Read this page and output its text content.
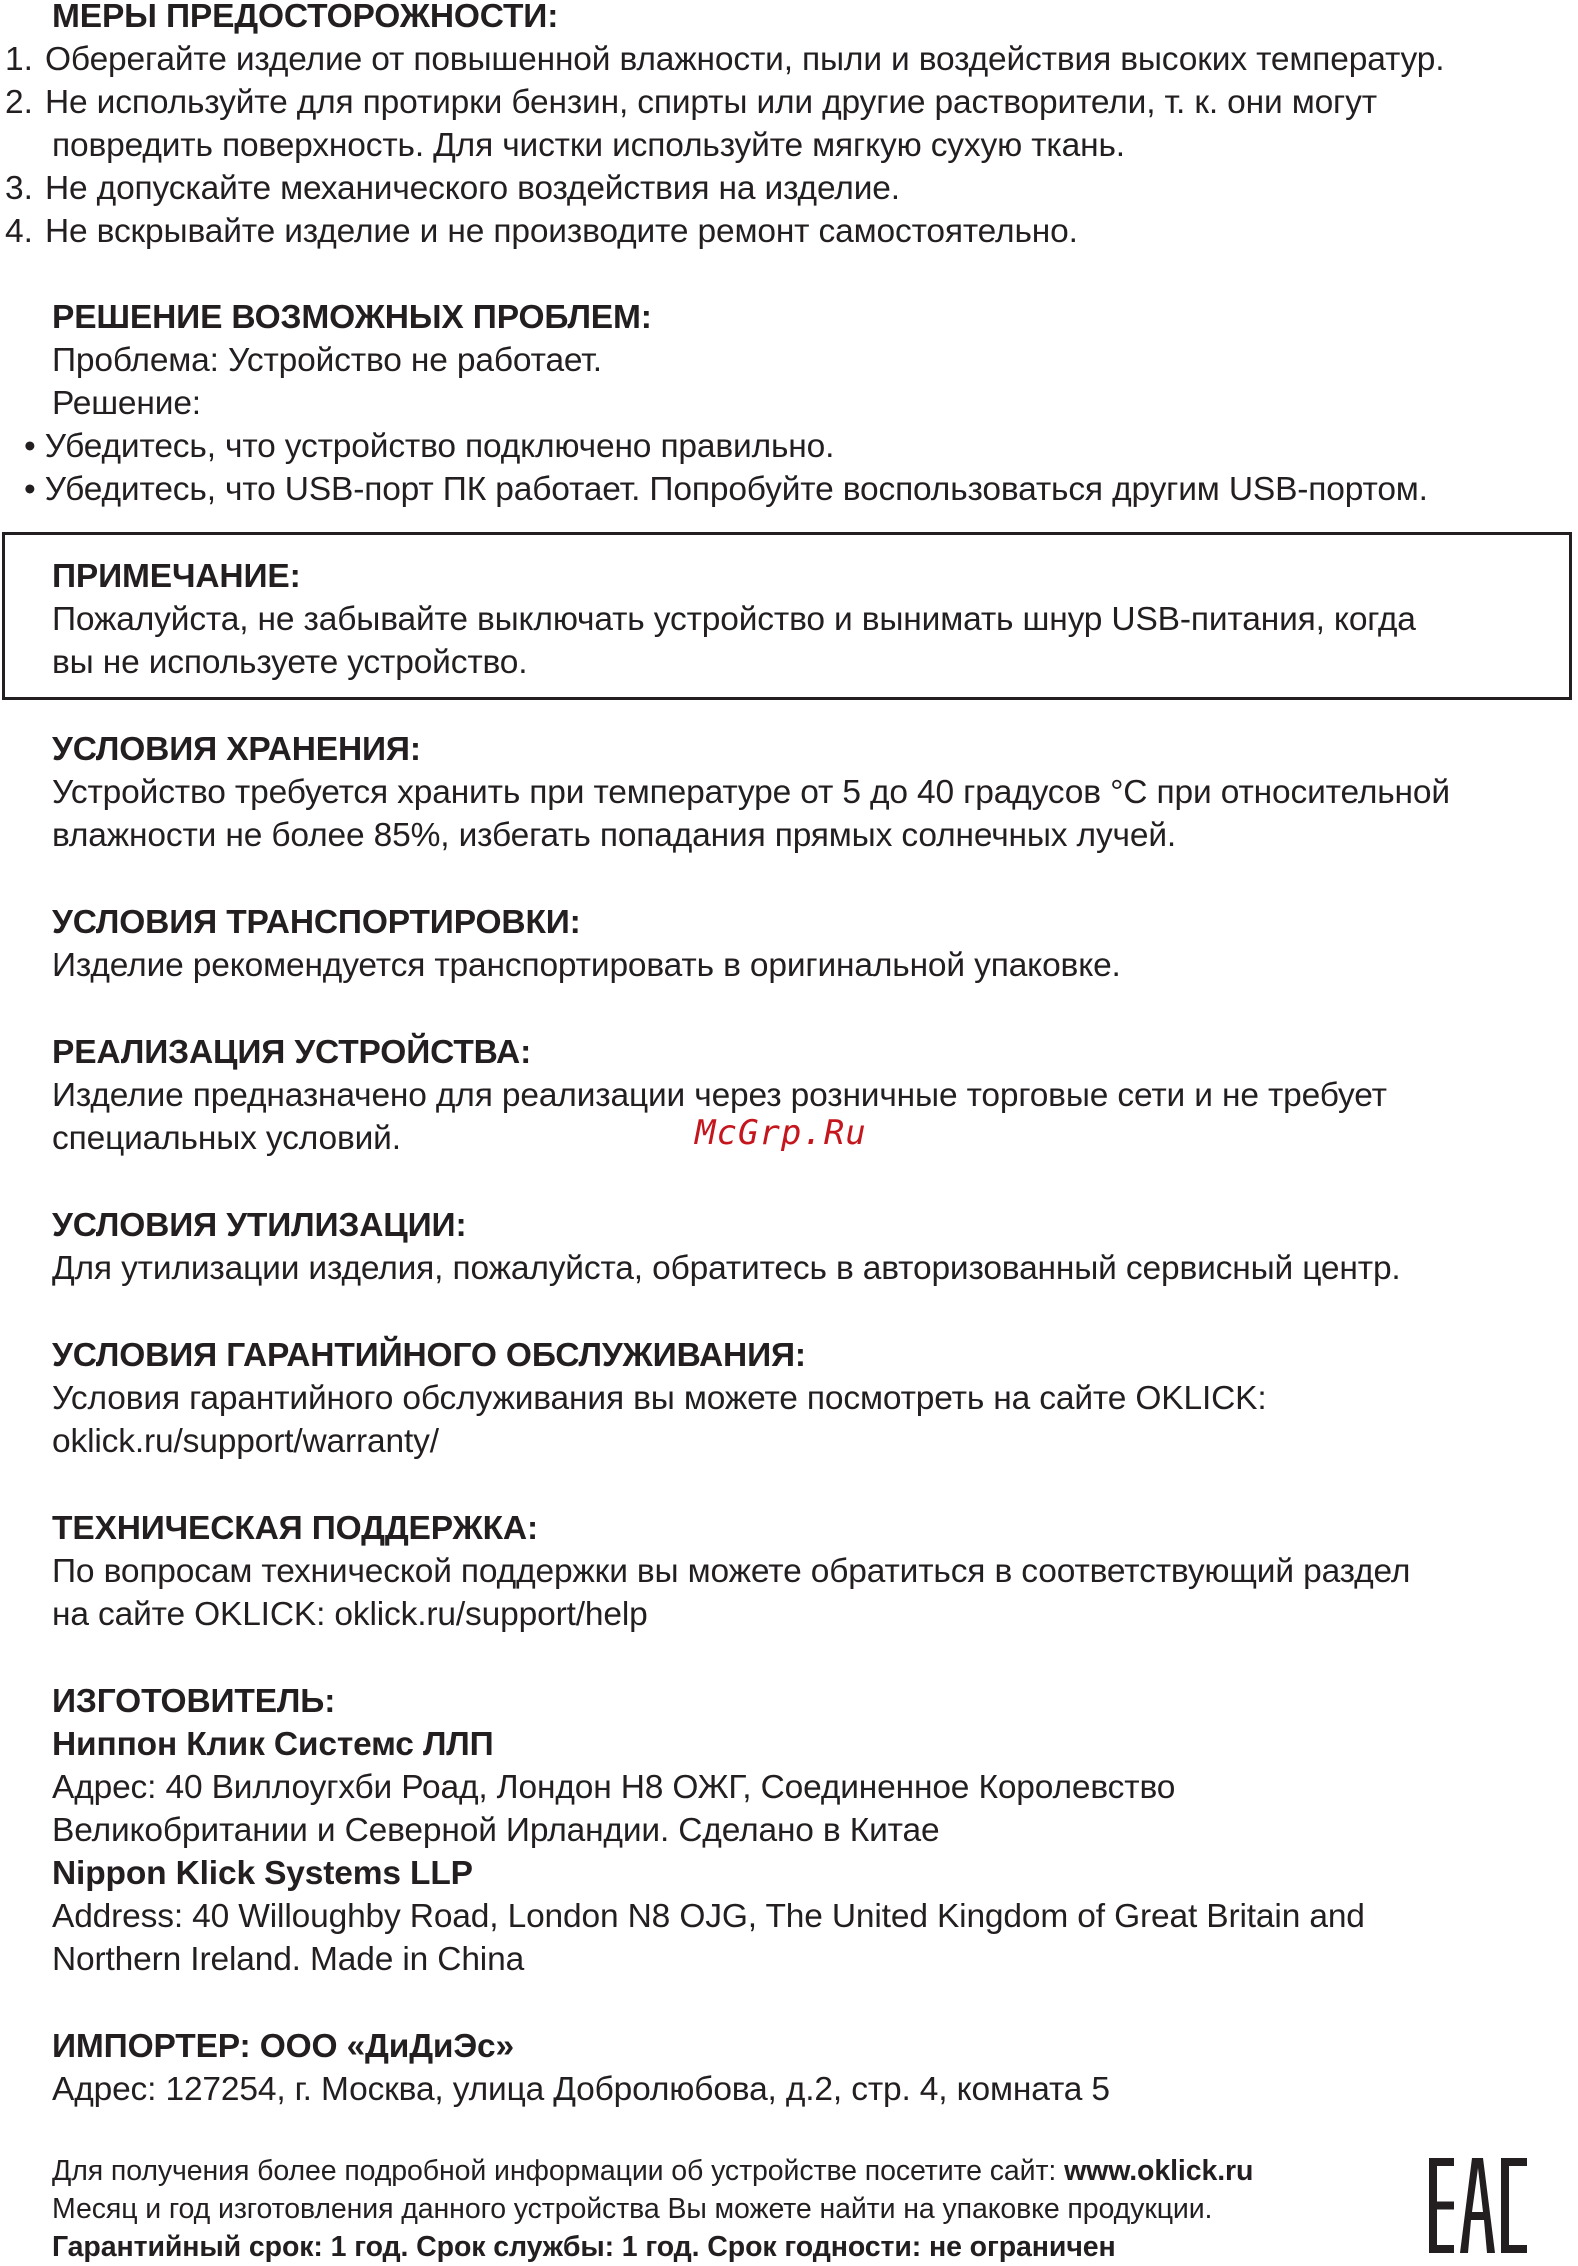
МЕРЫ ПРЕДОСТОРОЖНОСТИ:
1. Оберегайте изделие от повышенной влажности, пыли и воздействия высоких температур.
2. Не используйте для протирки бензин, спирты или другие растворители, т. к. они могут
повредить поверхность. Для чистки используйте мягкую сухую ткань.
3. Не допускайте механического воздействия на изделие.
4. Не вскрывайте изделие и не производите ремонт самостоятельно.
РЕШЕНИЕ ВОЗМОЖНЫХ ПРОБЛЕМ:
Проблема: Устройство не работает.
Решение:
• Убедитесь, что устройство подключено правильно.
• Убедитесь, что USB-порт ПК работает. Попробуйте воспользоваться другим USB-портом.
ПРИМЕЧАНИЕ:
Пожалуйста, не забывайте выключать устройство и вынимать шнур USB-питания, когда
вы не используете устройство.
УСЛОВИЯ ХРАНЕНИЯ:
Устройство требуется хранить при температуре от 5 до 40 градусов °С при относительной
влажности не более 85%, избегать попадания прямых солнечных лучей.
УСЛОВИЯ ТРАНСПОРТИРОВКИ:
Изделие рекомендуется транспортировать в оригинальной упаковке.
РЕАЛИЗАЦИЯ УСТРОЙСТВА:
Изделие предназначено для реализации через розничные торговые сети и не требует
специальных условий.	McGrp.Ru
УСЛОВИЯ УТИЛИЗАЦИИ:
Для утилизации изделия, пожалуйста, обратитесь в авторизованный сервисный центр.
УСЛОВИЯ ГАРАНТИЙНОГО ОБСЛУЖИВАНИЯ:
Условия гарантийного обслуживания вы можете посмотреть на сайте OKLICK:
oklick.ru/support/warranty/
ТЕХНИЧЕСКАЯ ПОДДЕРЖКА:
По вопросам технической поддержки вы можете обратиться в соответствующий раздел
на сайте OKLICK: oklick.ru/support/help
ИЗГОТОВИТЕЛЬ:
Ниппон Клик Системс ЛЛП
Адрес: 40 Виллоугхби Роад, Лондон Н8 ОЖГ, Соединенное Королевство
Великобритании и Северной Ирландии. Сделано в Китае
Nippon Klick Systems LLP
Address: 40 Willoughby Road, London N8 OJG, The United Kingdom of Great Britain and
Northern Ireland. Made in China
ИМПОРТЕР: ООО «ДиДиЭс»
Адрес: 127254, г. Москва, улица Добролюбова, д.2, стр. 4, комната 5
Для получения более подробной информации об устройстве посетите сайт: www.oklick.ru
Месяц и год изготовления данного устройства Вы можете найти на упаковке продукции.
Гарантийный срок: 1 год. Срок службы: 1 год. Срок годности: не ограничен
